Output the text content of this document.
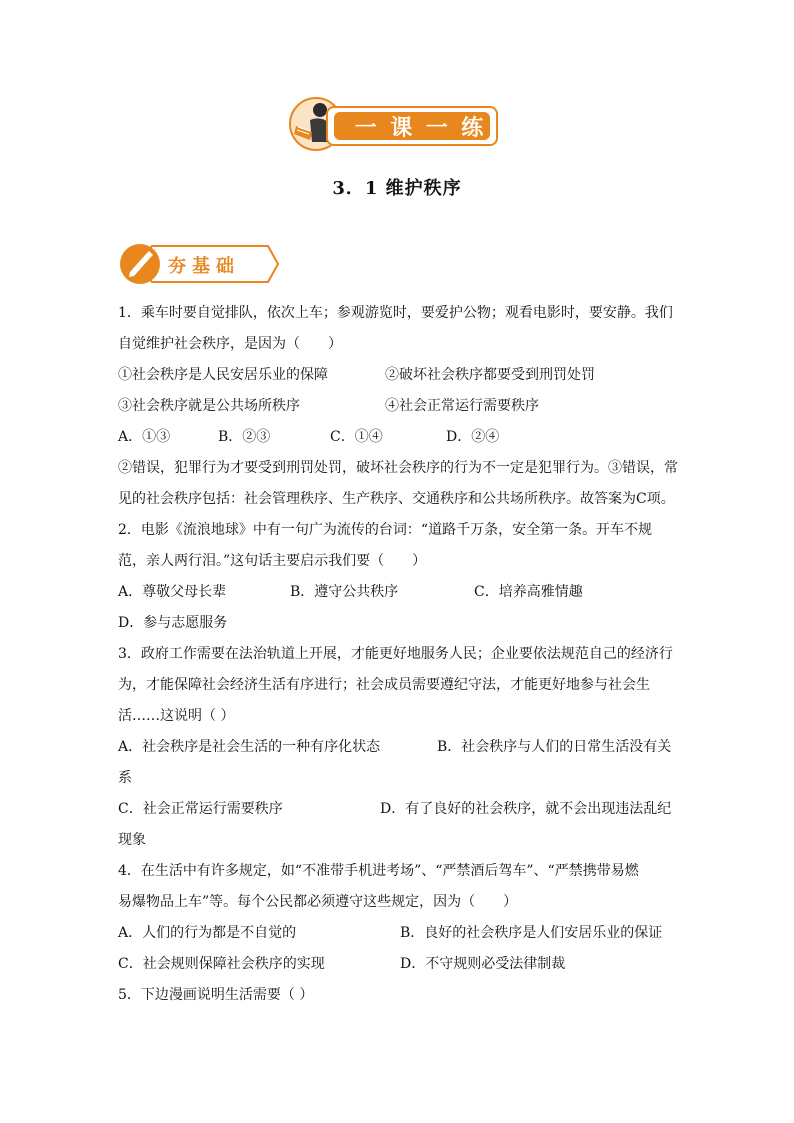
一 课 一 练
3．1 维护秩序
夯基础
1．乘车时要自觉排队，依次上车；参观游览时，要爱护公物；观看电影时，要安静。我们
自觉维护社会秩序，是因为（　　）
①社会秩序是人民安居乐业的保障	②破坏社会秩序都要受到刑罚处罚
③社会秩序就是公共场所秩序	④社会正常运行需要秩序
A．①③	B．②③	C．①④	D．②④
②错误，犯罪行为才要受到刑罚处罚，破坏社会秩序的行为不一定是犯罪行为。③错误，常
见的社会秩序包括：社会管理秩序、生产秩序、交通秩序和公共场所秩序。故答案为C项。
2．电影《流浪地球》中有一句广为流传的台词：“道路千万条，安全第一条。开车不规
范，亲人两行泪。”这句话主要启示我们要（　　）
A．尊敬父母长辈	B．遵守公共秩序	C．培养高雅情趣
D．参与志愿服务
3．政府工作需要在法治轨道上开展，才能更好地服务人民；企业要依法规范自己的经济行
为，才能保障社会经济生活有序进行；社会成员需要遵纪守法，才能更好地参与社会生
活……这说明（ ）
A．社会秩序是社会生活的一种有序化状态	B．社会秩序与人们的日常生活没有关
系
C．社会正常运行需要秩序	D．有了良好的社会秩序，就不会出现违法乱纪
现象
4．在生活中有许多规定，如“不准带手机进考场”、“严禁酒后驾车”、“严禁携带易燃
易爆物品上车”等。每个公民都必须遵守这些规定，因为（　　）
A．人们的行为都是不自觉的	B．良好的社会秩序是人们安居乐业的保证
C．社会规则保障社会秩序的实现	D．不守规则必受法律制裁
5．下边漫画说明生活需要（ ）
